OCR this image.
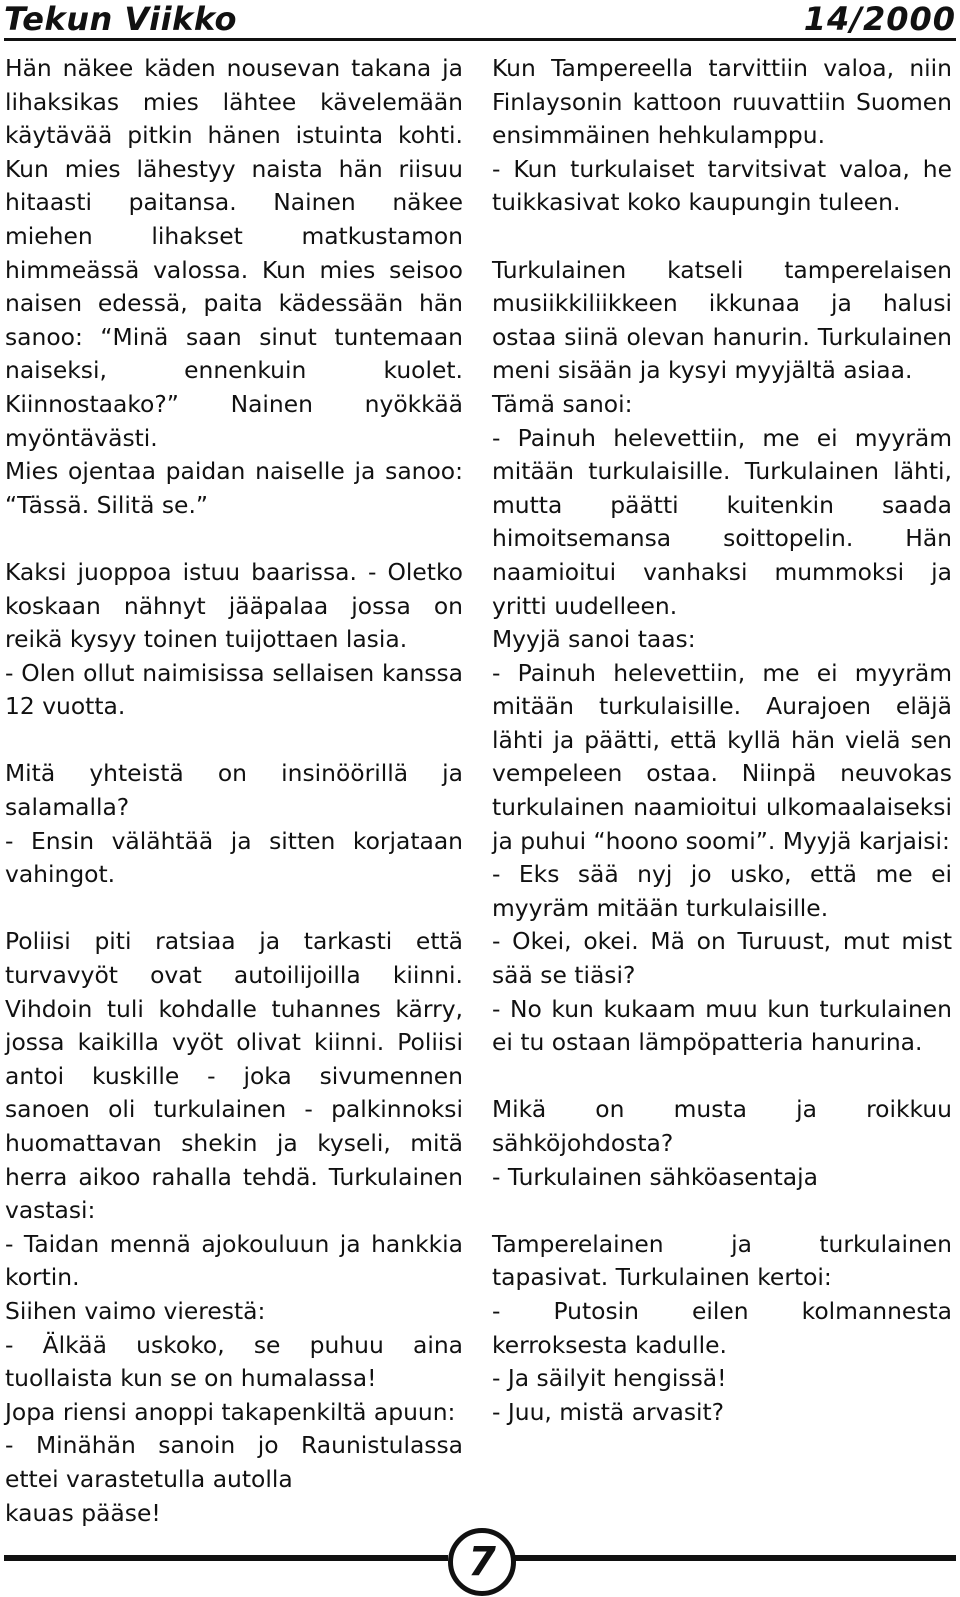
Tekun Viikko	14/2000

Hän näkee käden nousevan takana ja lihaksikas mies lähtee kävelemään käytävää pitkin hänen istuinta kohti. Kun mies lähestyy naista hän riisuu hitaasti paitansa. Nainen näkee miehen lihakset matkustamon himmeässä valossa. Kun mies seisoo naisen edessä, paita kädessään hän sanoo: “Minä saan sinut tuntemaan naiseksi, ennenkuin kuolet. Kiinnostaako?” Nainen nyökkää myöntävästi.

Mies ojentaa paidan naiselle ja sanoo: “Tässä. Silitä se.”

Kaksi juoppoa istuu baarissa. - Oletko koskaan nähnyt jääpalaa jossa on reikä kysyy toinen tuijottaen lasia.

- Olen ollut naimisissa sellaisen kanssa 12 vuotta.

Mitä yhteistä on insinöörillä ja salamalla?

- Ensin välähtää ja sitten korjataan vahingot.

Poliisi piti ratsiaa ja tarkasti että turvavyöt ovat autoilijoilla kiinni. Vihdoin tuli kohdalle tuhannes kärry, jossa kaikilla vyöt olivat kiinni. Poliisi antoi kuskille - joka sivumennen sanoen oli turkulainen - palkinnoksi huomattavan shekin ja kyseli, mitä herra aikoo rahalla tehdä. Turkulainen vastasi:

- Taidan mennä ajokouluun ja hankkia kortin.

Siihen vaimo vierestä:

- Älkää uskoko, se puhuu aina tuollaista kun se on humalassa!

Jopa riensi anoppi takapenkiltä apuun:

- Minähän sanoin jo Raunistulassa ettei varastetulla autolla

kauas pääse!

Kun Tampereella tarvittiin valoa, niin Finlaysonin kattoon ruuvattiin Suomen ensimmäinen hehkulamppu.

- Kun turkulaiset tarvitsivat valoa, he tuikkasivat koko kaupungin tuleen.

Turkulainen katseli tamperelaisen musiikkiliikkeen ikkunaa ja halusi ostaa siinä olevan hanurin. Turkulainen meni sisään ja kysyi myyjältä asiaa.

Tämä sanoi:

- Painuh helevettiin, me ei myyräm mitään turkulaisille. Turkulainen lähti, mutta päätti kuitenkin saada himoitsemansa soittopelin. Hän naamioitui vanhaksi mummoksi ja yritti uudelleen.

Myyjä sanoi taas:

- Painuh helevettiin, me ei myyräm mitään turkulaisille. Aurajoen eläjä lähti ja päätti, että kyllä hän vielä sen vempeleen ostaa. Niinpä neuvokas turkulainen naamioitui ulkomaalaiseksi ja puhui “hoono soomi”. Myyjä karjaisi:

- Eks sää nyj jo usko, että me ei myyräm mitään turkulaisille.

- Okei, okei. Mä on Turuust, mut mist sää se tiäsi?

- No kun kukaam muu kun turkulainen ei tu ostaan lämpöpatteria hanurina.

Mikä on musta ja roikkuu sähköjohdosta?

- Turkulainen sähköasentaja

Tamperelainen ja turkulainen tapasivat. Turkulainen kertoi:

- Putosin eilen kolmannesta kerroksesta kadulle.

- Ja säilyit hengissä!

- Juu, mistä arvasit?

7
